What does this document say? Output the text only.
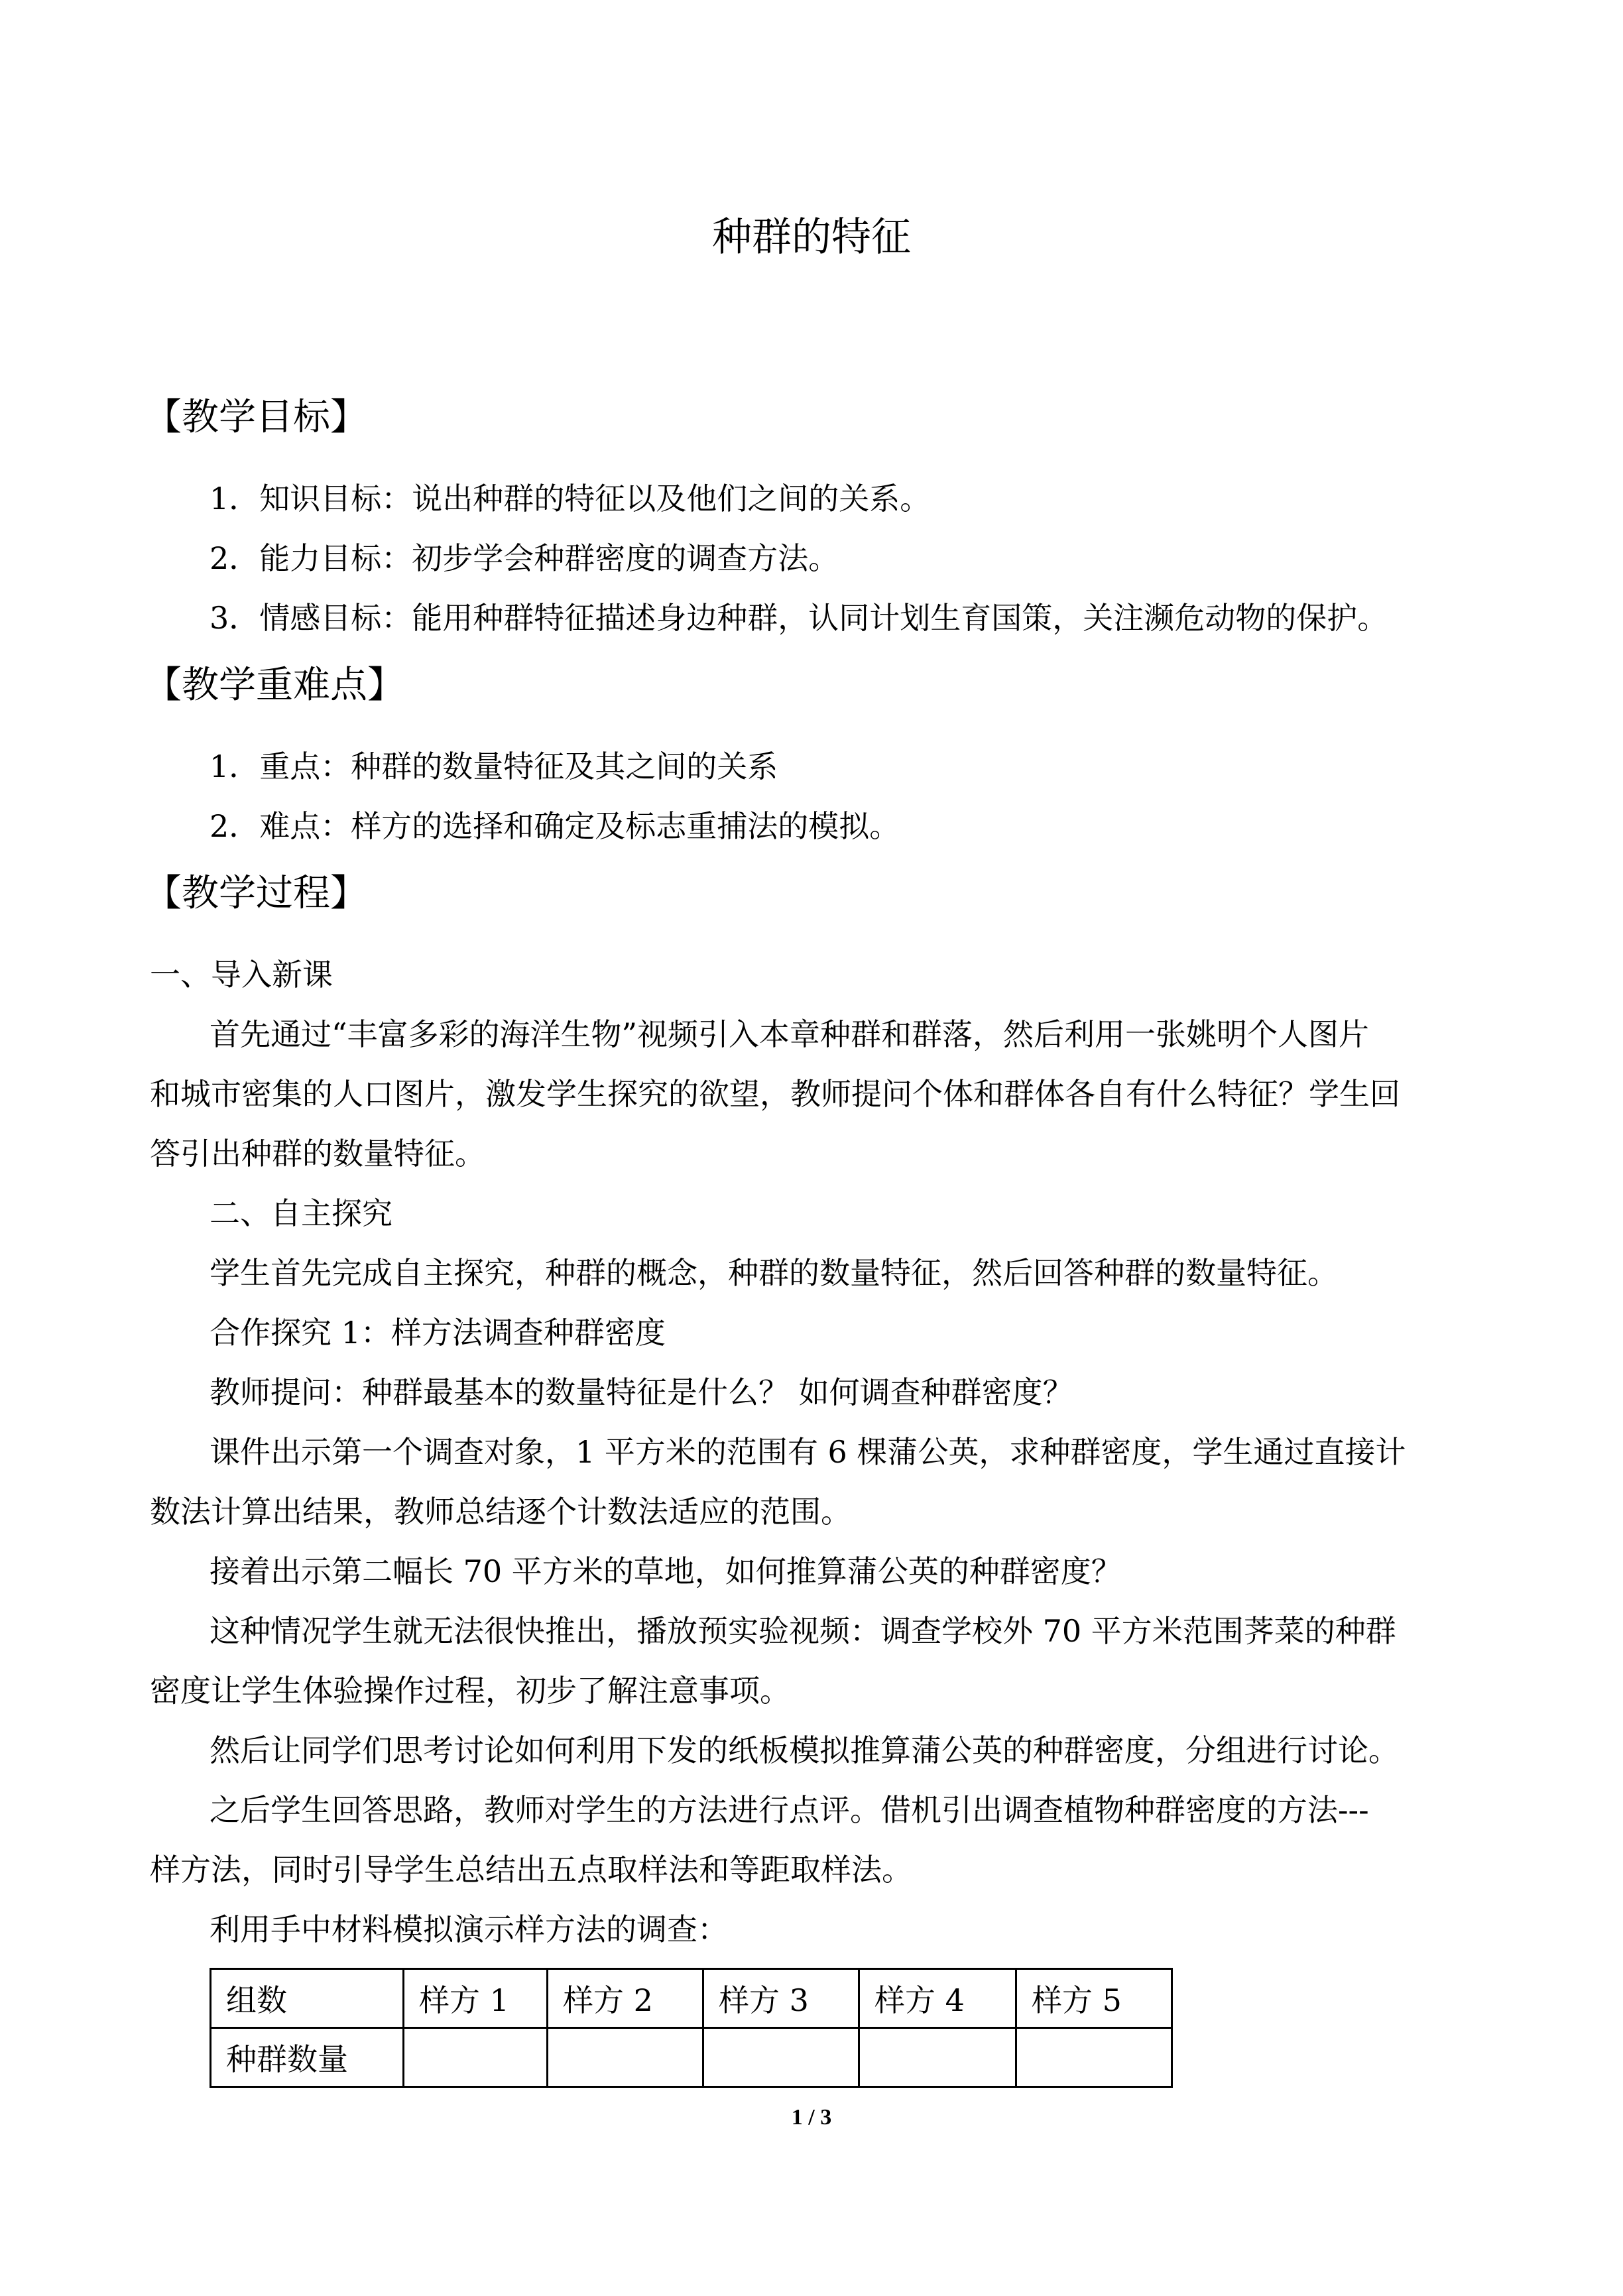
种群的特征
【教学目标】
1．知识目标：说出种群的特征以及他们之间的关系。
2．能力目标：初步学会种群密度的调查方法。
3．情感目标：能用种群特征描述身边种群，认同计划生育国策，关注濒危动物的保护。
【教学重难点】
1．重点：种群的数量特征及其之间的关系
2．难点：样方的选择和确定及标志重捕法的模拟。
【教学过程】
一、导入新课
首先通过“丰富多彩的海洋生物”视频引入本章种群和群落，然后利用一张姚明个人图片
和城市密集的人口图片，激发学生探究的欲望，教师提问个体和群体各自有什么特征？学生回
答引出种群的数量特征。
二、自主探究
学生首先完成自主探究，种群的概念，种群的数量特征，然后回答种群的数量特征。
合作探究 1：样方法调查种群密度
教师提问：种群最基本的数量特征是什么？ 如何调查种群密度？
课件出示第一个调查对象，1 平方米的范围有 6 棵蒲公英，求种群密度，学生通过直接计
数法计算出结果，教师总结逐个计数法适应的范围。
接着出示第二幅长 70 平方米的草地，如何推算蒲公英的种群密度？
这种情况学生就无法很快推出，播放预实验视频：调查学校外 70 平方米范围荠菜的种群
密度让学生体验操作过程，初步了解注意事项。
然后让同学们思考讨论如何利用下发的纸板模拟推算蒲公英的种群密度，分组进行讨论。
之后学生回答思路，教师对学生的方法进行点评。借机引出调查植物种群密度的方法---
样方法，同时引导学生总结出五点取样法和等距取样法。
利用手中材料模拟演示样方法的调查：
组数	样方 1	样方 2	样方 3	样方 4	样方 5
种群数量					
1 / 3
